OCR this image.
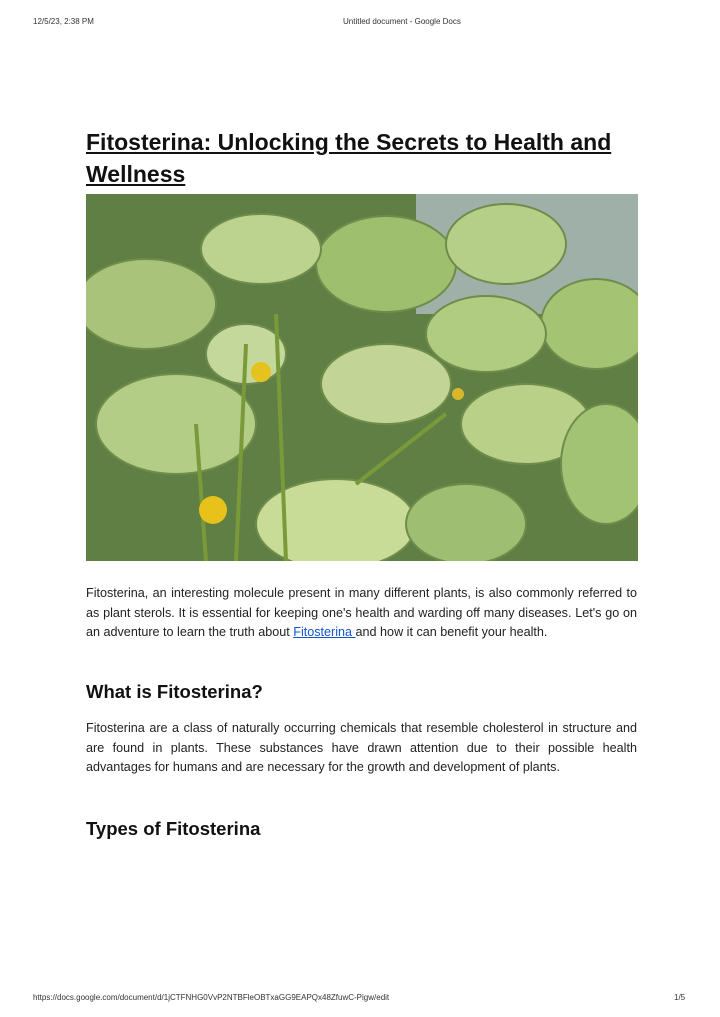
12/5/23, 2:38 PM	Untitled document - Google Docs
Fitosterina: Unlocking the Secrets to Health and Wellness

Fitosterina, an interesting molecule present in many different plants, is also commonly referred to as plant sterols. It is essential for keeping one's health and warding off many diseases. Let's go on an adventure to learn the truth about Fitosterina and how it can benefit your health.

What is Fitosterina?

Fitosterina are a class of naturally occurring chemicals that resemble cholesterol in structure and are found in plants. These substances have drawn attention due to their possible health advantages for humans and are necessary for the growth and development of plants.

Types of Fitosterina
https://docs.google.com/document/d/1jCTFNHG0VvP2NTBFleOBTxaGG9EAPQx48ZfuwC-Pigw/edit	1/5
